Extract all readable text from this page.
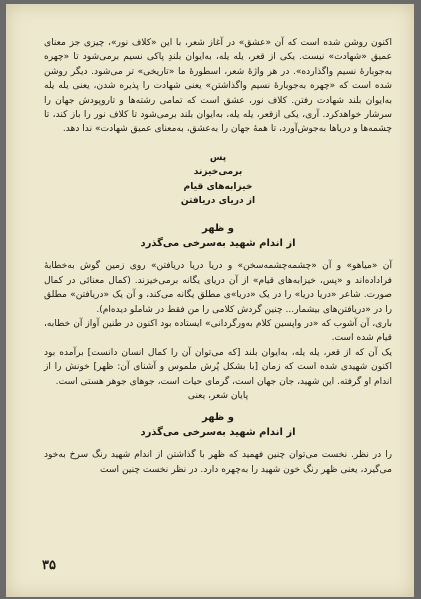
اکنون روشن شده است که آن «عشق» در آغاز شعر، با این «کلاف نور»، چیزی جز معنای عمیق «شهادت» نیست. یکی از قعر، یله یله، به‌ایوان بلندِ پاکی نسیم برمی‌شود تا «چهره به‌جوبارهٔ نسیم واگذارده». در هر واژهٔ شعر، اسطورهٔ ما «تاریخی» تر می‌شود. دیگر روشن شده است که «چهره به‌جوبارهٔ نسیم واگذاشتن» یعنی شهادت را پذیره شدن، یعنی یله یله به‌ایوان بلند شهادت رفتن. کلاف نور، عشق است که تمامی رشته‌ها و تاروپودش جهان را سرشار خواهدکرد. آری، یکی ازقعر، یله یله، به‌ایوان بلند برمی‌شود تا کلاف نور را باز کند، تا چشمه‌ها و دریاها به‌جوش‌آورد، تا همهٔ جهان را به‌عشق، به‌معنای عمیق شهادت» ندا دهد.

پس
برمی‌خیزند
خیزابه‌های قیام
از دریای دریافتن
و ظهر
از اندام شهید به‌سرخی می‌گذرد

آن «میاهو» و آن «چشمه‌چشمه‌سخن» و دریا دریا دریافتن» روی زمین گوش به‌خطابهٔ فراداده‌اند و «پس، خیزابه‌های قیام» از آن دریای یگانه برمی‌خیزند. (کمال معنائی در کمال صورت. شاعر «دریا دریا» را در یک «دریا»ی مطلق یگانه می‌کند، و آن یک «دریافتن» مطلق را در «دریافتن‌های بیشمار... چنین گردش کلامی را من فقط در شاملو دیده‌ام).

باری، آن آشوب که «در واپسین کلام به‌ورگردانی» ایستاده بود اکنون در طنین آواز آن خطابه، قیام شده است.

یک آن که از قعر، یله یله، به‌ایوان بلند [که می‌توان آن را کمال انسان دانست] برآمده بود اکنون شهیدی شده است که زمان [با بشکل پُرش ملموس و آشنای آن: ظهر] خونش را از اندام او گرفته. این شهید، جان جهان است، گرمای حیات است، جوهای جوهر هستی است.

پایان شعر، یعنی

و ظهر
از اندام شهید به‌سرخی می‌گذرد

را در نظر. نخست می‌توان چنین فهمید که ظهر با گذاشتن از اندام شهید رنگ سرخ به‌خود می‌گیرد، یعنی ظهر رنگ خون شهید را به‌چهره دارد. در نظر نخست چنین است

۳۵
